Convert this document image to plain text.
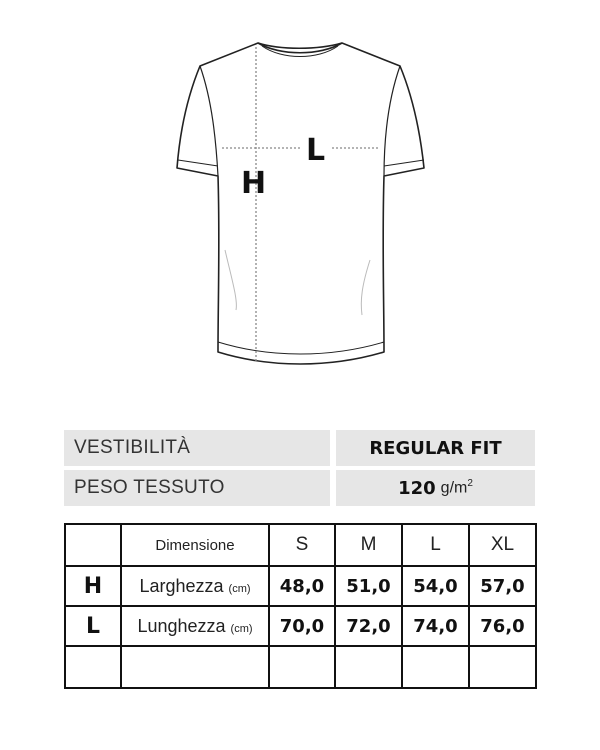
L
H
VESTIBILITÀ	REGULAR FIT
PESO TESSUTO	120 $g/m^2$
	Dimensione	S	M	L	XL
H	Larghezza (cm)	48,0	51,0	54,0	57,0
L	Lunghezza (cm)	70,0	72,0	74,0	76,0
